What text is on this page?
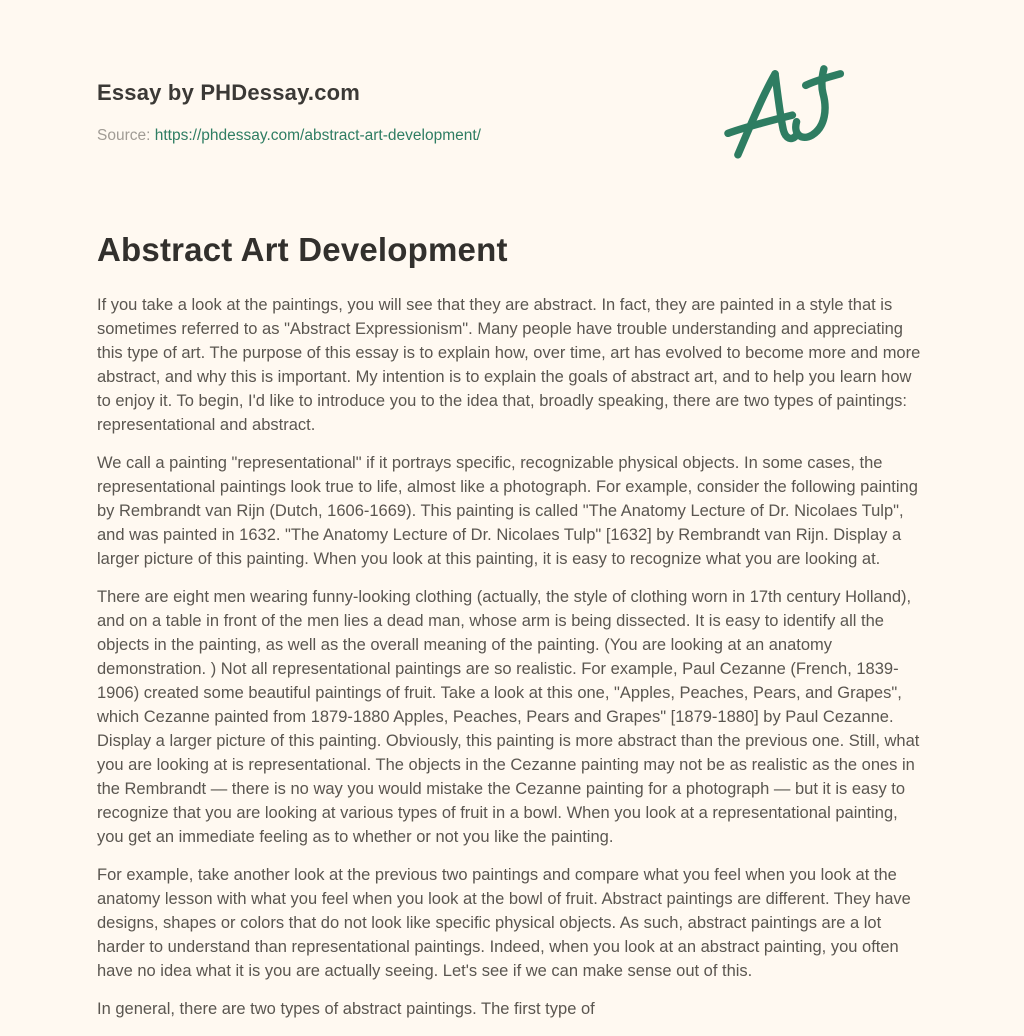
Essay by PHDessay.com
Source: https://phdessay.com/abstract-art-development/
Abstract Art Development

If you take a look at the paintings, you will see that they are abstract. In fact, they are painted in a style that is sometimes referred to as "Abstract Expressionism". Many people have trouble understanding and appreciating this type of art. The purpose of this essay is to explain how, over time, art has evolved to become more and more abstract, and why this is important. My intention is to explain the goals of abstract art, and to help you learn how to enjoy it. To begin, I'd like to introduce you to the idea that, broadly speaking, there are two types of paintings: representational and abstract.

We call a painting "representational" if it portrays specific, recognizable physical objects. In some cases, the representational paintings look true to life, almost like a photograph. For example, consider the following painting by Rembrandt van Rijn (Dutch, 1606-1669). This painting is called "The Anatomy Lecture of Dr. Nicolaes Tulp", and was painted in 1632. "The Anatomy Lecture of Dr. Nicolaes Tulp" [1632] by Rembrandt van Rijn. Display a larger picture of this painting. When you look at this painting, it is easy to recognize what you are looking at.

There are eight men wearing funny-looking clothing (actually, the style of clothing worn in 17th century Holland), and on a table in front of the men lies a dead man, whose arm is being dissected. It is easy to identify all the objects in the painting, as well as the overall meaning of the painting. (You are looking at an anatomy demonstration. ) Not all representational paintings are so realistic. For example, Paul Cezanne (French, 1839-1906) created some beautiful paintings of fruit. Take a look at this one, "Apples, Peaches, Pears, and Grapes", which Cezanne painted from 1879-1880 Apples, Peaches, Pears and Grapes" [1879-1880] by Paul Cezanne. Display a larger picture of this painting. Obviously, this painting is more abstract than the previous one. Still, what you are looking at is representational. The objects in the Cezanne painting may not be as realistic as the ones in the Rembrandt — there is no way you would mistake the Cezanne painting for a photograph — but it is easy to recognize that you are looking at various types of fruit in a bowl. When you look at a representational painting, you get an immediate feeling as to whether or not you like the painting.

For example, take another look at the previous two paintings and compare what you feel when you look at the anatomy lesson with what you feel when you look at the bowl of fruit. Abstract paintings are different. They have designs, shapes or colors that do not look like specific physical objects. As such, abstract paintings are a lot harder to understand than representational paintings. Indeed, when you look at an abstract painting, you often have no idea what it is you are actually seeing. Let's see if we can make sense out of this.

In general, there are two types of abstract paintings. The first type of
